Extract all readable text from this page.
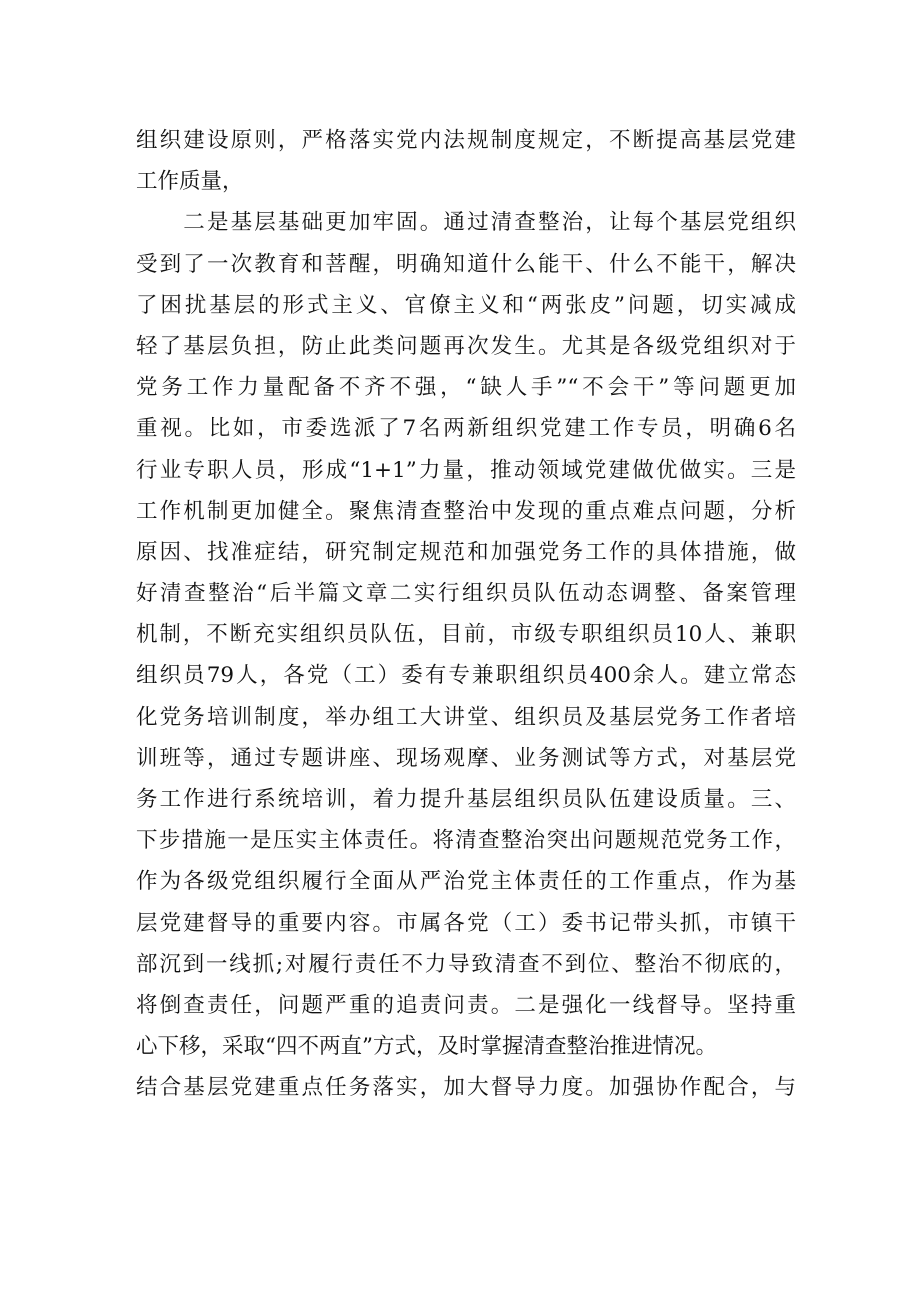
组织建设原则，严格落实党内法规制度规定，不断提高基层党建
工作质量，
　　二是基层基础更加牢固。通过清查整治，让每个基层党组织
受到了一次教育和菩醒，明确知道什么能干、什么不能干，解决
了困扰基层的形式主义、官僚主义和“两张皮”问题，切实减成
轻了基层负担，防止此类问题再次发生。尤其是各级党组织对于
党务工作力量配备不齐不强，“缺人手”“不会干”等问题更加
重视。比如，市委选派了7名两新组织党建工作专员，明确6名
行业专职人员，形成“1+1”力量，推动领域党建做优做实。三是
工作机制更加健全。聚焦清查整治中发现的重点难点问题，分析
原因、找准症结，研究制定规范和加强党务工作的具体措施，做
好清查整治“后半篇文章二实行组织员队伍动态调整、备案管理
机制，不断充实组织员队伍，目前，市级专职组织员10人、兼职
组织员79人，各党（工）委有专兼职组织员400余人。建立常态
化党务培训制度，举办组工大讲堂、组织员及基层党务工作者培
训班等，通过专题讲座、现场观摩、业务测试等方式，对基层党
务工作进行系统培训，着力提升基层组织员队伍建设质量。三、
下步措施一是压实主体责任。将清查整治突出问题规范党务工作，
作为各级党组织履行全面从严治党主体责任的工作重点，作为基
层党建督导的重要内容。市属各党（工）委书记带头抓，市镇干
部沉到一线抓;对履行责任不力导致清查不到位、整治不彻底的，
将倒查责任，问题严重的追责问责。二是强化一线督导。坚持重
心下移，采取“四不两直”方式，及时掌握清查整治推进情况。
结合基层党建重点任务落实，加大督导力度。加强协作配合，与
